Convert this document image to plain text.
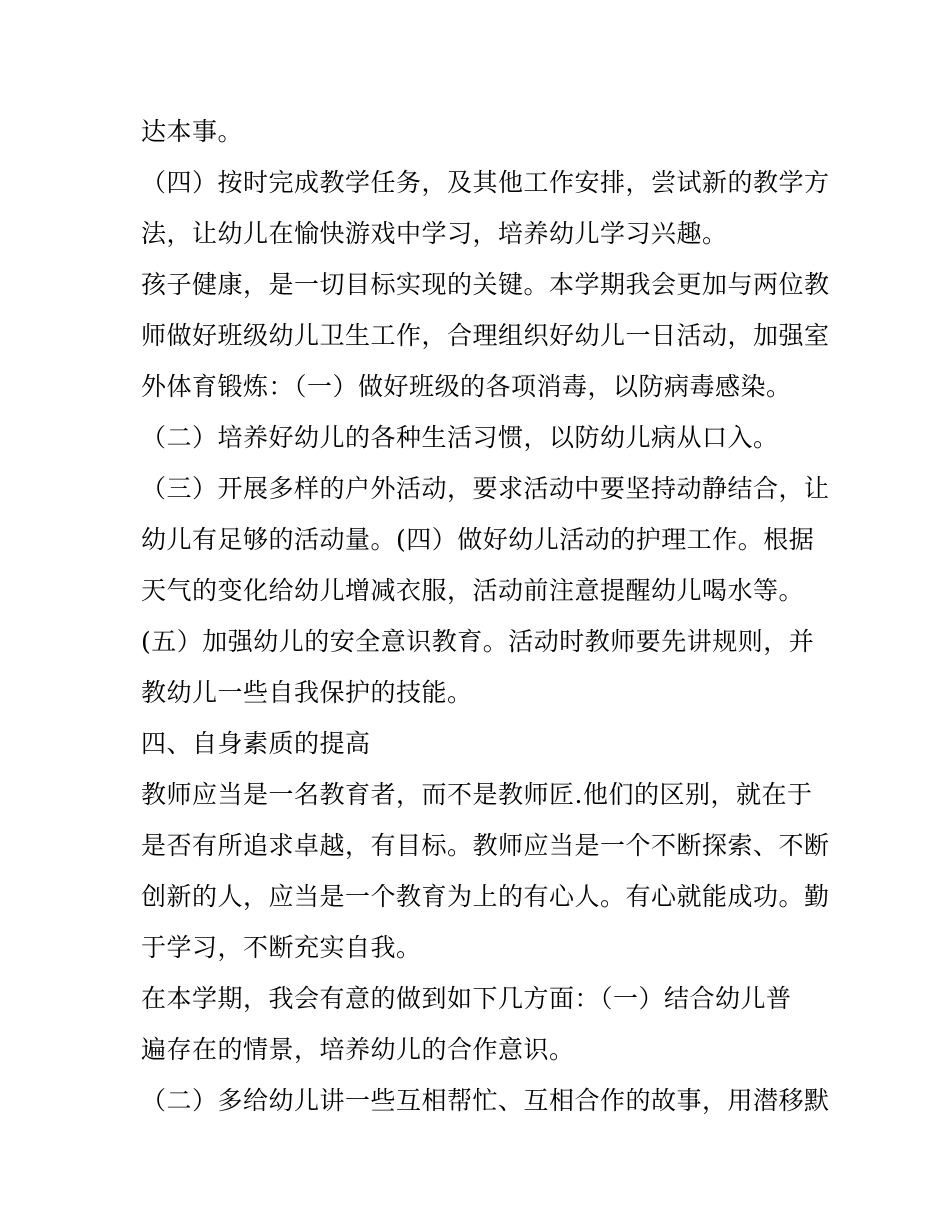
达本事。
（四）按时完成教学任务，及其他工作安排，尝试新的教学方
法，让幼儿在愉快游戏中学习，培养幼儿学习兴趣。
孩子健康，是一切目标实现的关键。本学期我会更加与两位教
师做好班级幼儿卫生工作，合理组织好幼儿一日活动，加强室
外体育锻炼：（一）做好班级的各项消毒，以防病毒感染。
（二）培养好幼儿的各种生活习惯，以防幼儿病从口入。
（三）开展多样的户外活动，要求活动中要坚持动静结合，让
幼儿有足够的活动量。(四）做好幼儿活动的护理工作。根据
天气的变化给幼儿增减衣服，活动前注意提醒幼儿喝水等。
(五）加强幼儿的安全意识教育。活动时教师要先讲规则，并
教幼儿一些自我保护的技能。
四、自身素质的提高
教师应当是一名教育者，而不是教师匠.他们的区别，就在于
是否有所追求卓越，有目标。教师应当是一个不断探索、不断
创新的人，应当是一个教育为上的有心人。有心就能成功。勤
于学习，不断充实自我。
在本学期，我会有意的做到如下几方面：（一）结合幼儿普
遍存在的情景，培养幼儿的合作意识。
（二）多给幼儿讲一些互相帮忙、互相合作的故事，用潜移默
